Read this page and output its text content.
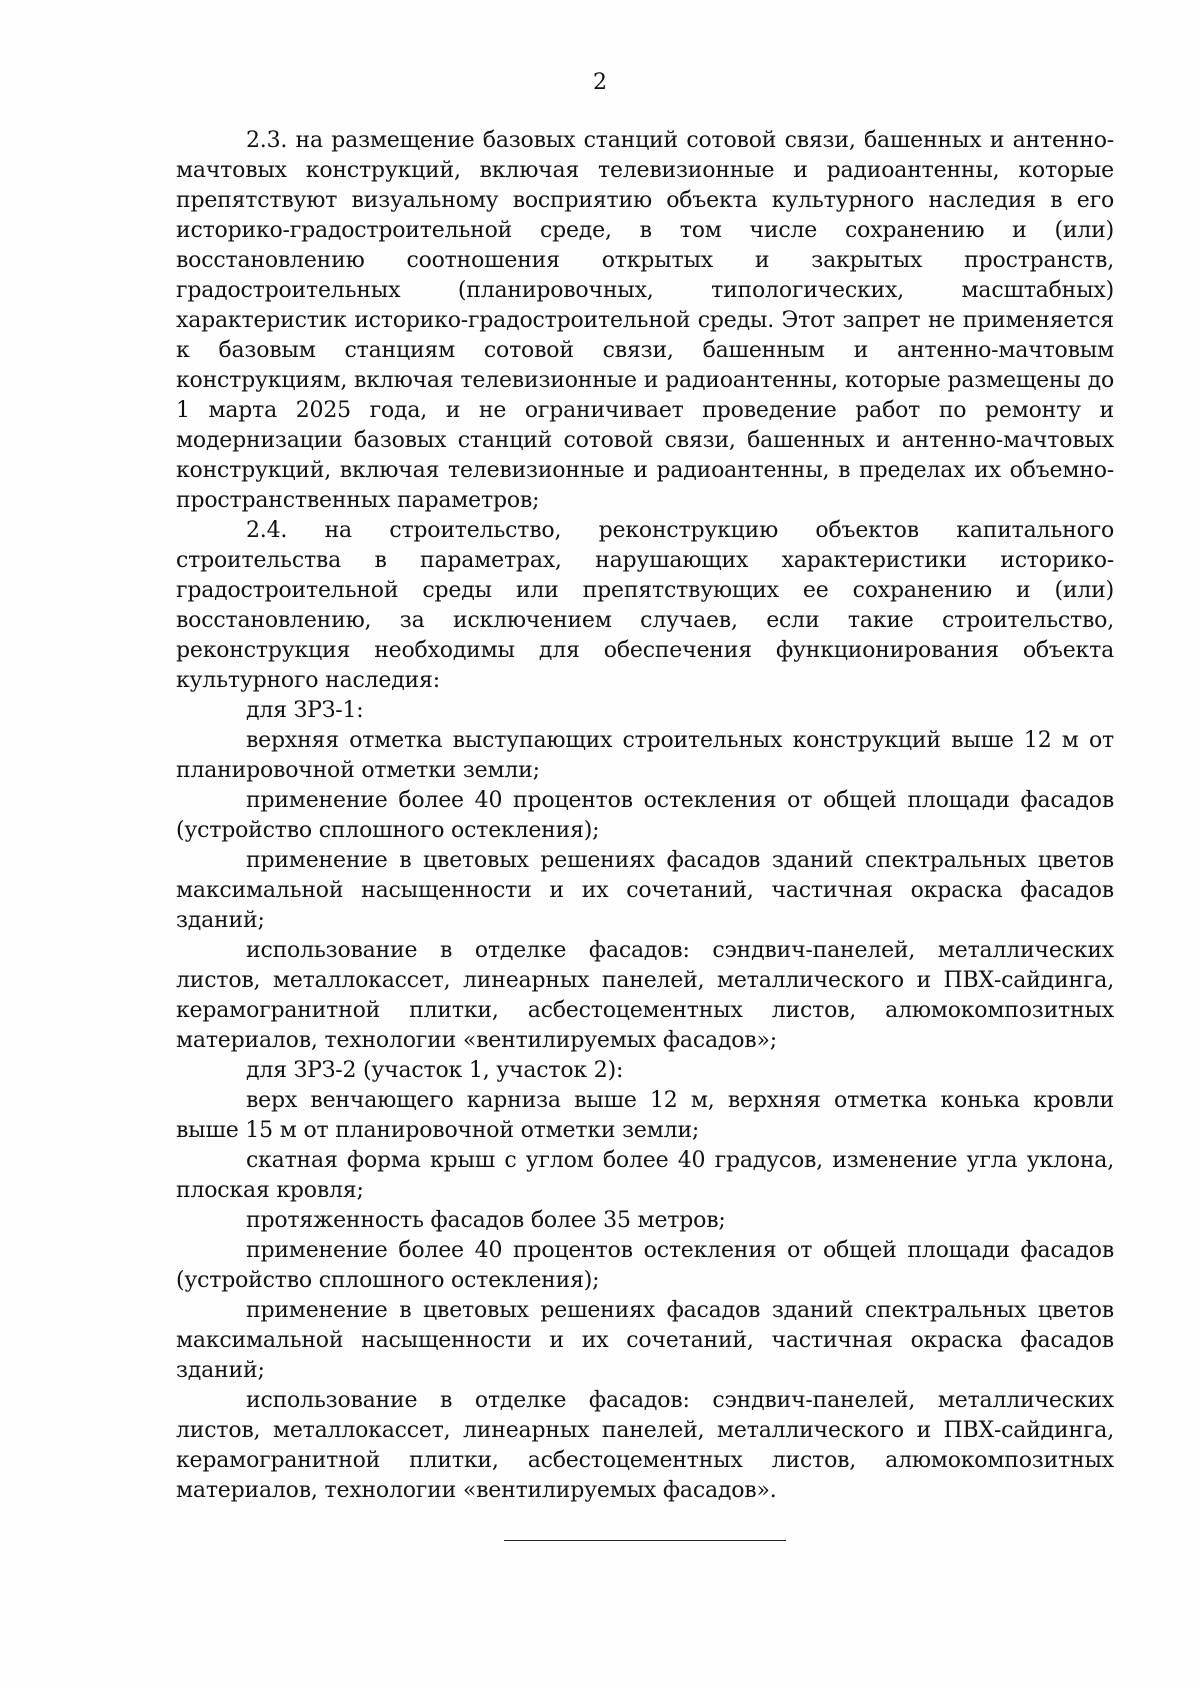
2

2.3. на размещение базовых станций сотовой связи, башенных и антенно-мачтовых конструкций, включая телевизионные и радиоантенны, которые препятствуют визуальному восприятию объекта культурного наследия в его историко-градостроительной среде, в том числе сохранению и (или) восстановлению соотношения открытых и закрытых пространств, градостроительных (планировочных, типологических, масштабных) характеристик историко-градостроительной среды. Этот запрет не применяется к базовым станциям сотовой связи, башенным и антенно-мачтовым конструкциям, включая телевизионные и радиоантенны, которые размещены до 1 марта 2025 года, и не ограничивает проведение работ по ремонту и модернизации базовых станций сотовой связи, башенных и антенно-мачтовых конструкций, включая телевизионные и радиоантенны, в пределах их объемно-пространственных параметров;

2.4. на строительство, реконструкцию объектов капитального строительства в параметрах, нарушающих характеристики историко-градостроительной среды или препятствующих ее сохранению и (или) восстановлению, за исключением случаев, если такие строительство, реконструкция необходимы для обеспечения функционирования объекта культурного наследия:

для ЗРЗ-1:

верхняя отметка выступающих строительных конструкций выше 12 м от планировочной отметки земли;

применение более 40 процентов остекления от общей площади фасадов (устройство сплошного остекления);

применение в цветовых решениях фасадов зданий спектральных цветов максимальной насыщенности и их сочетаний, частичная окраска фасадов зданий;

использование в отделке фасадов: сэндвич-панелей, металлических листов, металлокассет, линеарных панелей, металлического и ПВХ-сайдинга, керамогранитной плитки, асбестоцементных листов, алюмокомпозитных материалов, технологии «вентилируемых фасадов»;

для ЗРЗ-2 (участок 1, участок 2):

верх венчающего карниза выше 12 м, верхняя отметка конька кровли выше 15 м от планировочной отметки земли;

скатная форма крыш с углом более 40 градусов, изменение угла уклона, плоская кровля;

протяженность фасадов более 35 метров;

применение более 40 процентов остекления от общей площади фасадов (устройство сплошного остекления);

применение в цветовых решениях фасадов зданий спектральных цветов максимальной насыщенности и их сочетаний, частичная окраска фасадов зданий;

использование в отделке фасадов: сэндвич-панелей, металлических листов, металлокассет, линеарных панелей, металлического и ПВХ-сайдинга, керамогранитной плитки, асбестоцементных листов, алюмокомпозитных материалов, технологии «вентилируемых фасадов».
